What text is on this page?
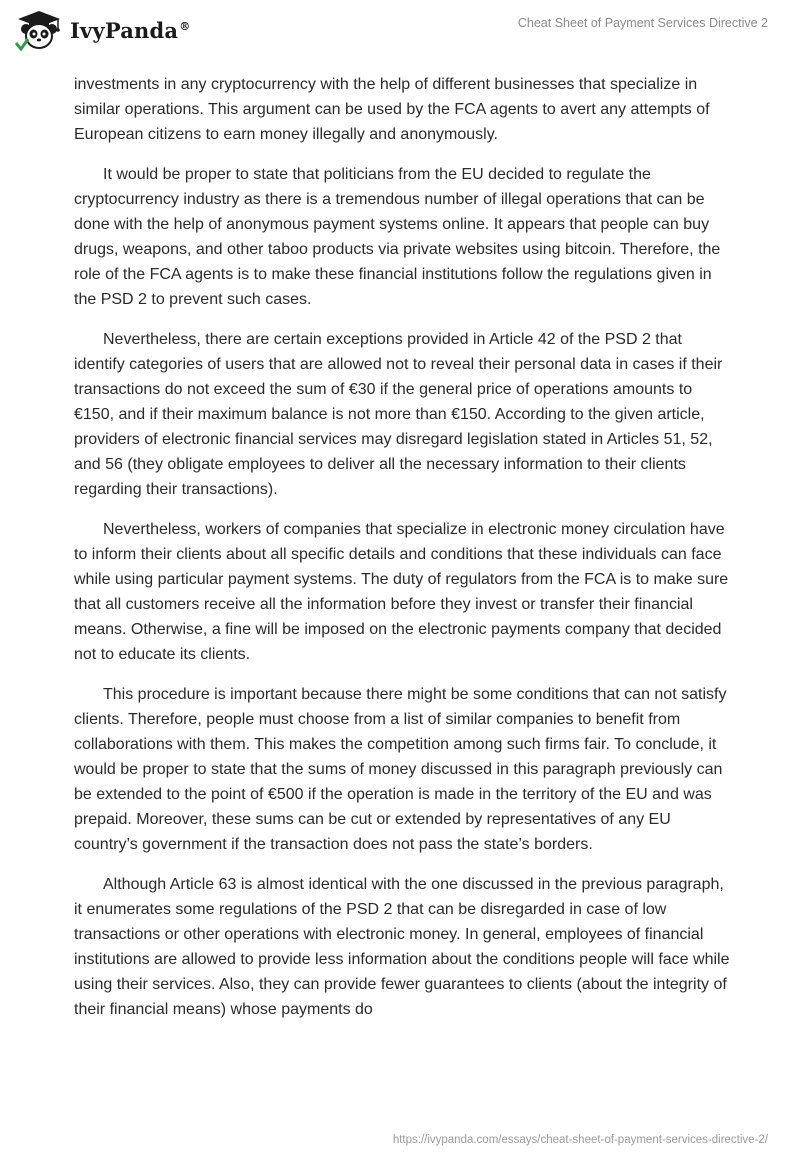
IvyPanda®	Cheat Sheet of Payment Services Directive 2

investments in any cryptocurrency with the help of different businesses that specialize in similar operations. This argument can be used by the FCA agents to avert any attempts of European citizens to earn money illegally and anonymously.

It would be proper to state that politicians from the EU decided to regulate the cryptocurrency industry as there is a tremendous number of illegal operations that can be done with the help of anonymous payment systems online. It appears that people can buy drugs, weapons, and other taboo products via private websites using bitcoin. Therefore, the role of the FCA agents is to make these financial institutions follow the regulations given in the PSD 2 to prevent such cases.

Nevertheless, there are certain exceptions provided in Article 42 of the PSD 2 that identify categories of users that are allowed not to reveal their personal data in cases if their transactions do not exceed the sum of €30 if the general price of operations amounts to €150, and if their maximum balance is not more than €150. According to the given article, providers of electronic financial services may disregard legislation stated in Articles 51, 52, and 56 (they obligate employees to deliver all the necessary information to their clients regarding their transactions).

Nevertheless, workers of companies that specialize in electronic money circulation have to inform their clients about all specific details and conditions that these individuals can face while using particular payment systems. The duty of regulators from the FCA is to make sure that all customers receive all the information before they invest or transfer their financial means. Otherwise, a fine will be imposed on the electronic payments company that decided not to educate its clients.

This procedure is important because there might be some conditions that can not satisfy clients. Therefore, people must choose from a list of similar companies to benefit from collaborations with them. This makes the competition among such firms fair. To conclude, it would be proper to state that the sums of money discussed in this paragraph previously can be extended to the point of €500 if the operation is made in the territory of the EU and was prepaid. Moreover, these sums can be cut or extended by representatives of any EU country’s government if the transaction does not pass the state’s borders.

Although Article 63 is almost identical with the one discussed in the previous paragraph, it enumerates some regulations of the PSD 2 that can be disregarded in case of low transactions or other operations with electronic money. In general, employees of financial institutions are allowed to provide less information about the conditions people will face while using their services. Also, they can provide fewer guarantees to clients (about the integrity of their financial means) whose payments do

https://ivypanda.com/essays/cheat-sheet-of-payment-services-directive-2/
